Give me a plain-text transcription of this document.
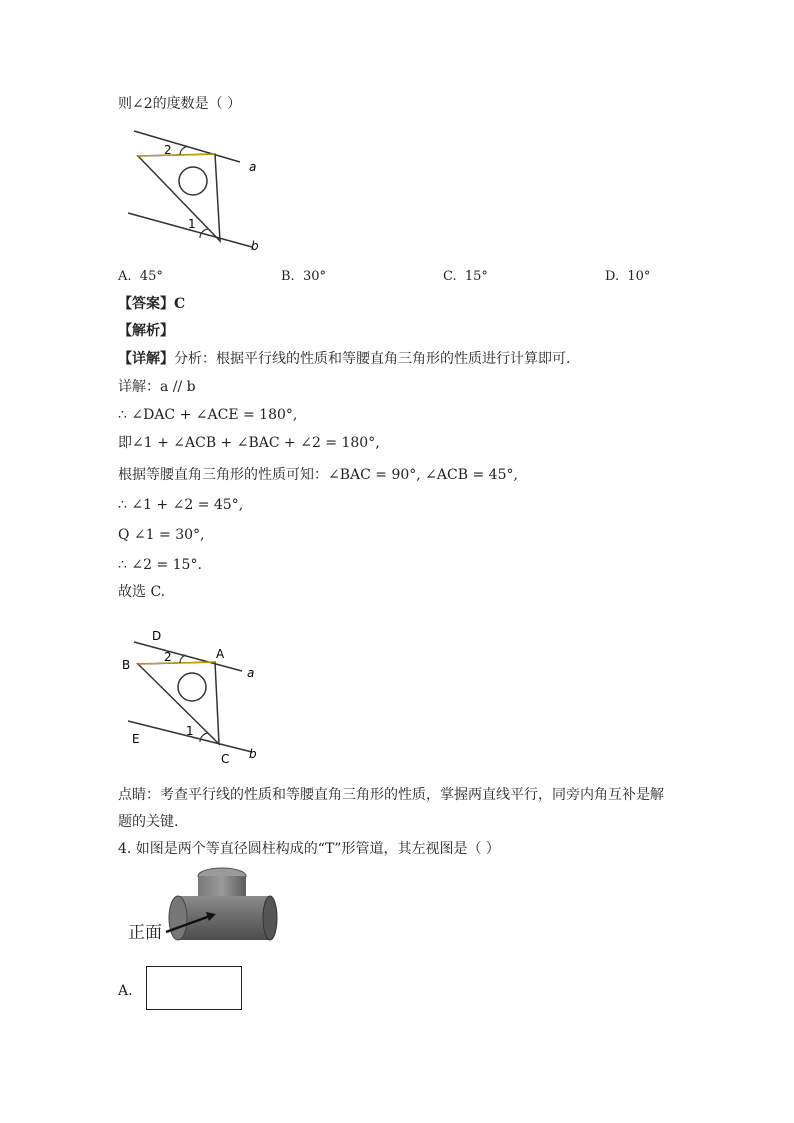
则∠2的度数是（ ）
2
1
a
b
A. 45°	B. 30°	C. 15°	D. 10°
【答案】C
【解析】
【详解】分析：根据平行线的性质和等腰直角三角形的性质进行计算即可.
详解：a // b
∴ ∠DAC + ∠ACE = 180°,
即∠1 + ∠ACB + ∠BAC + ∠2 = 180°,
根据等腰直角三角形的性质可知：∠BAC = 90°, ∠ACB = 45°,
∴ ∠1 + ∠2 = 45°,
Q ∠1 = 30°,
∴ ∠2 = 15°.
故选 C.
D
A
B
2
a
E
1
C b
点睛：考查平行线的性质和等腰直角三角形的性质，掌握两直线平行，同旁内角互补是解
题的关键.
4. 如图是两个等直径圆柱构成的“T”形管道，其左视图是（ ）
正面
A.
